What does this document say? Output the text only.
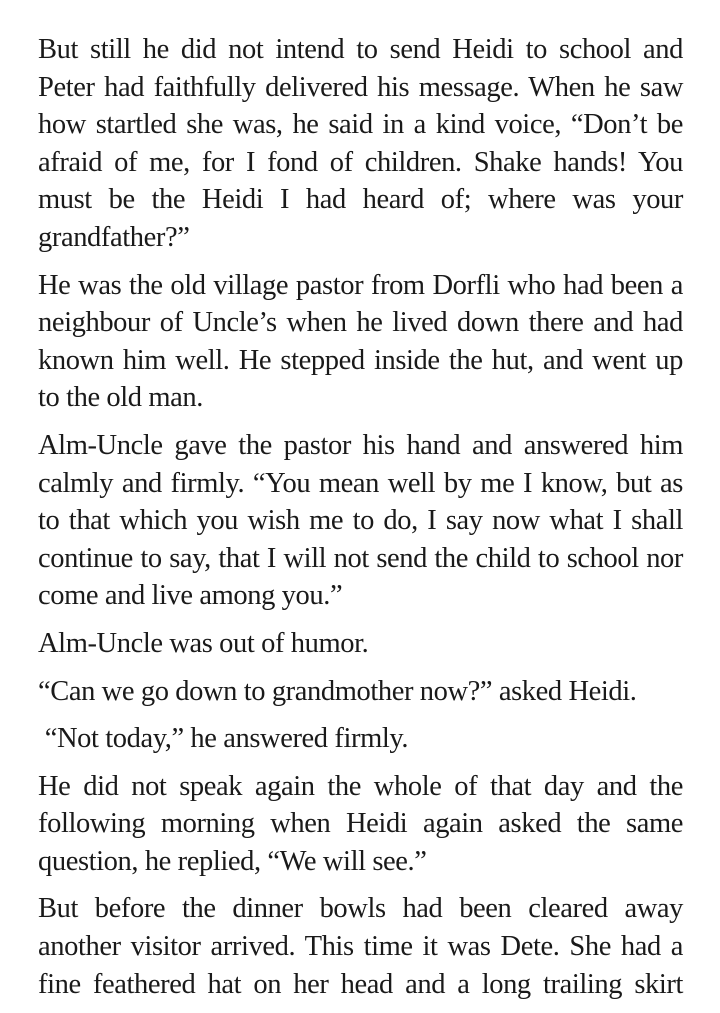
But still he did not intend to send Heidi to school and Peter had faithfully delivered his message. When he saw how startled she was, he said in a kind voice, “Don’t be afraid of me, for I fond of children. Shake hands! You must be the Heidi I had heard of; where was your grandfather?”

He was the old village pastor from Dorfli who had been a neighbour of Uncle’s when he lived down there and had known him well. He stepped inside the hut, and went up to the old man.

Alm-Uncle gave the pastor his hand and answered him calmly and firmly. “You mean well by me I know, but as to that which you wish me to do, I say now what I shall continue to say, that I will not send the child to school nor come and live among you.”

Alm-Uncle was out of humor.

“Can we go down to grandmother now?” asked Heidi.

“Not today,” he answered firmly.

He did not speak again the whole of that day and the following morning when Heidi again asked the same question, he replied, “We will see.”

But before the dinner bowls had been cleared away another visitor arrived. This time it was Dete. She had a fine feathered hat on her head and a long trailing skirt
